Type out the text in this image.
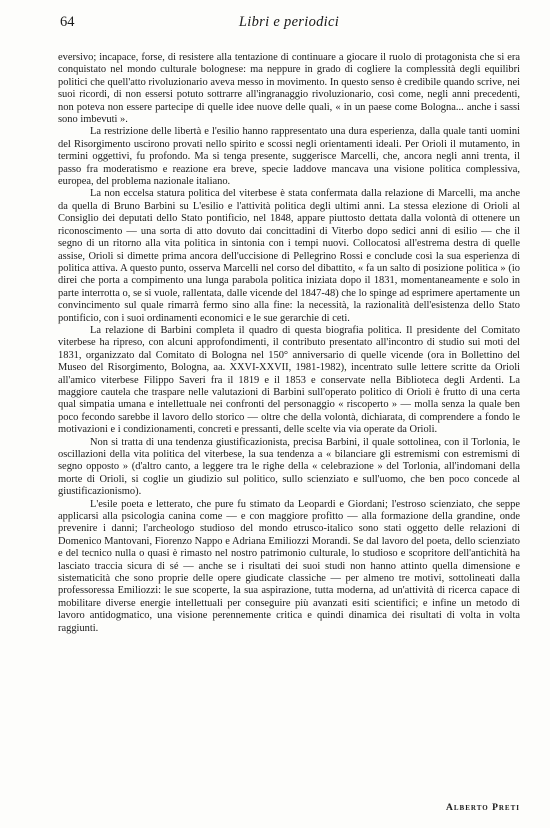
64	Libri e periodici

eversivo; incapace, forse, di resistere alla tentazione di continuare a giocare il ruolo di protagonista che si era conquistato nel mondo culturale bolognese: ma neppure in grado di cogliere la complessità degli equilibri politici che quell'atto rivoluzionario aveva messo in movimento. In questo senso è credibile quando scrive, nei suoi ricordi, di non essersi potuto sottrarre all'ingranaggio rivoluzionario, così come, negli anni precedenti, non poteva non essere partecipe di quelle idee nuove delle quali, « in un paese come Bologna... anche i sassi sono imbevuti ».

La restrizione delle libertà e l'esilio hanno rappresentato una dura esperienza, dalla quale tanti uomini del Risorgimento uscirono provati nello spirito e scossi negli orientamenti ideali. Per Orioli il mutamento, in termini oggettivi, fu profondo. Ma si tenga presente, suggerisce Marcelli, che, ancora negli anni trenta, il passo fra moderatismo e reazione era breve, specie laddove mancava una visione politica complessiva, europea, del problema nazionale italiano.

La non eccelsa statura politica del viterbese è stata confermata dalla relazione di Marcelli, ma anche da quella di Bruno Barbini su L'esilio e l'attività politica degli ultimi anni. La stessa elezione di Orioli al Consiglio dei deputati dello Stato pontificio, nel 1848, appare piuttosto dettata dalla volontà di ottenere un riconoscimento — una sorta di atto dovuto dai concittadini di Viterbo dopo sedici anni di esilio — che il segno di un ritorno alla vita politica in sintonia con i tempi nuovi. Collocatosi all'estrema destra di quelle assise, Orioli si dimette prima ancora dell'uccisione di Pellegrino Rossi e conclude così la sua esperienza di politica attiva. A questo punto, osserva Marcelli nel corso del dibattito, « fa un salto di posizione politica » (io direi che porta a compimento una lunga parabola politica iniziata dopo il 1831, momentaneamente e solo in parte interrotta o, se si vuole, rallentata, dalle vicende del 1847-48) che lo spinge ad esprimere apertamente un convincimento sul quale rimarrà fermo sino alla fine: la necessità, la razionalità dell'esistenza dello Stato pontificio, con i suoi ordinamenti economici e le sue gerarchie di ceti.

La relazione di Barbini completa il quadro di questa biografia politica. Il presidente del Comitato viterbese ha ripreso, con alcuni approfondimenti, il contributo presentato all'incontro di studio sui moti del 1831, organizzato dal Comitato di Bologna nel 150° anniversario di quelle vicende (ora in Bollettino del Museo del Risorgimento, Bologna, aa. XXVI-XXVII, 1981-1982), incentrato sulle lettere scritte da Orioli all'amico viterbese Filippo Saveri fra il 1819 e il 1853 e conservate nella Biblioteca degli Ardenti. La maggiore cautela che traspare nelle valutazioni di Barbini sull'operato politico di Orioli è frutto di una certa qual simpatia umana e intellettuale nei confronti del personaggio « riscoperto » — molla senza la quale ben poco fecondo sarebbe il lavoro dello storico — oltre che della volontà, dichiarata, di comprendere a fondo le motivazioni e i condizionamenti, concreti e pressanti, delle scelte via via operate da Orioli.

Non si tratta di una tendenza giustificazionista, precisa Barbini, il quale sottolinea, con il Torlonia, le oscillazioni della vita politica del viterbese, la sua tendenza a « bilanciare gli estremismi con estremismi di segno opposto » (d'altro canto, a leggere tra le righe della « celebrazione » del Torlonia, all'indomani della morte di Orioli, si coglie un giudizio sul politico, sullo scienziato e sull'uomo, che ben poco concede al giustificazionismo).

L'esile poeta e letterato, che pure fu stimato da Leopardi e Giordani; l'estroso scienziato, che seppe applicarsi alla psicologia canina come — e con maggiore profitto — alla formazione della grandine, onde prevenire i danni; l'archeologo studioso del mondo etrusco-italico sono stati oggetto delle relazioni di Domenico Mantovani, Fiorenzo Nappo e Adriana Emiliozzi Morandi. Se dal lavoro del poeta, dello scienziato e del tecnico nulla o quasi è rimasto nel nostro patrimonio culturale, lo studioso e scopritore dell'antichità ha lasciato traccia sicura di sé — anche se i risultati dei suoi studi non hanno attinto quella dimensione e sistematicità che sono proprie delle opere giudicate classiche — per almeno tre motivi, sottolineati dalla professoressa Emiliozzi: le sue scoperte, la sua aspirazione, tutta moderna, ad un'attività di ricerca capace di mobilitare diverse energie intellettuali per conseguire più avanzati esiti scientifici; e infine un metodo di lavoro antidogmatico, una visione perennemente critica e quindi dinamica dei risultati di volta in volta raggiunti.

Alberto Preti
